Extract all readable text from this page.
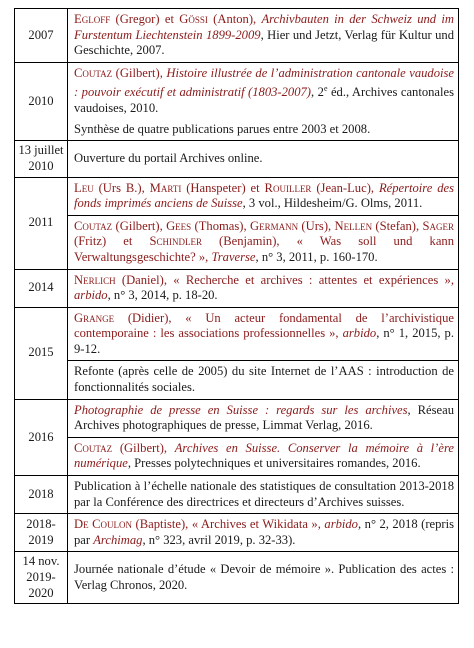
2007	Egloff (Gregor) et Gössi (Anton), Archivbauten in der Schweiz und im Furstentum Liechtenstein 1899-2009, Hier und Jetzt, Verlag für Kultur und Geschichte, 2007.

2010	Coutaz (Gilbert), Histoire illustrée de l’administration cantonale vaudoise : pouvoir exécutif et administratif (1803-2007), 2e éd., Archives cantonales vaudoises, 2010.
Synthèse de quatre publications parues entre 2003 et 2008.

13 juillet 2010	Ouverture du portail Archives online.

2011	Leu (Urs B.), Marti (Hanspeter) et Rouiller (Jean-Luc), Répertoire des fonds imprimés anciens de Suisse, 3 vol., Hildesheim/G. Olms, 2011.
Coutaz (Gilbert), Gees (Thomas), Germann (Urs), Nellen (Stefan), Sager (Fritz) et Schindler (Benjamin), « Was soll und kann Verwaltungsgeschichte? », Traverse, n° 3, 2011, p. 160-170.

2014	Nerlich (Daniel), « Recherche et archives : attentes et expériences », arbido, n° 3, 2014, p. 18-20.

2015	Grange (Didier), « Un acteur fondamental de l’archivistique contemporaine : les associations professionnelles », arbido, n° 1, 2015, p. 9-12.
Refonte (après celle de 2005) du site Internet de l’AAS : introduction de fonctionnalités sociales.

2016	Photographie de presse en Suisse : regards sur les archives, Réseau Archives photographiques de presse, Limmat Verlag, 2016.
Coutaz (Gilbert), Archives en Suisse. Conserver la mémoire à l’ère numérique, Presses polytechniques et universitaires romandes, 2016.

2018	Publication à l’échelle nationale des statistiques de consultation 2013-2018 par la Conférence des directrices et directeurs d’Archives suisses.

2018-2019	De Coulon (Baptiste), « Archives et Wikidata », arbido, n° 2, 2018 (repris par Archimag, n° 323, avril 2019, p. 32-33).

14 nov. 2019-2020	Journée nationale d’étude « Devoir de mémoire ». Publication des actes : Verlag Chronos, 2020.
